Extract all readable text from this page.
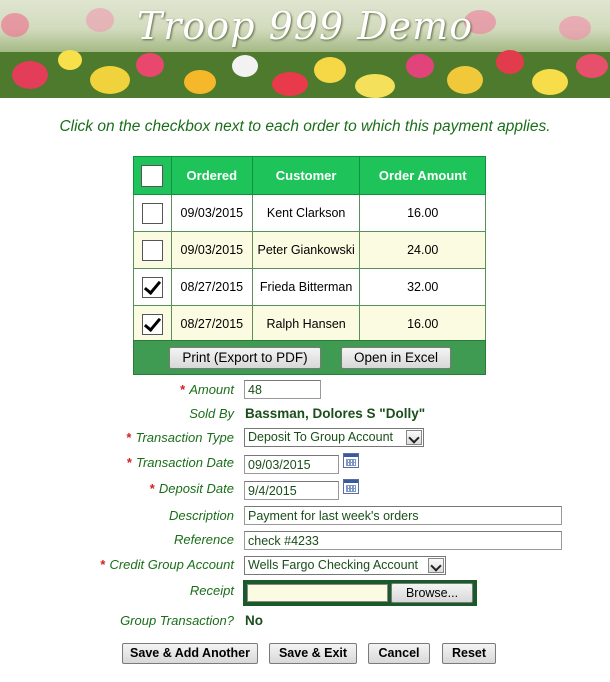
Troop 999 Demo
Click on the checkbox next to each order to which this payment applies.
	Ordered	Customer	Order Amount
	09/03/2015	Kent Clarkson	16.00
	09/03/2015	Peter Giankowski	24.00
	08/27/2015	Frieda Bitterman	32.00
	08/27/2015	Ralph Hansen	16.00
Print (Export to PDF)	Open in Excel
* Amount	48
Sold By Bassman, Dolores S "Dolly"
* Transaction Type	Deposit To Group Account
* Transaction Date	09/03/2015
* Deposit Date	9/4/2015
Description	Payment for last week's orders
Reference	check #4233
* Credit Group Account	Wells Fargo Checking Account
Receipt	Browse...
Group Transaction? No
Save & Add Another	Save & Exit	Cancel	Reset
